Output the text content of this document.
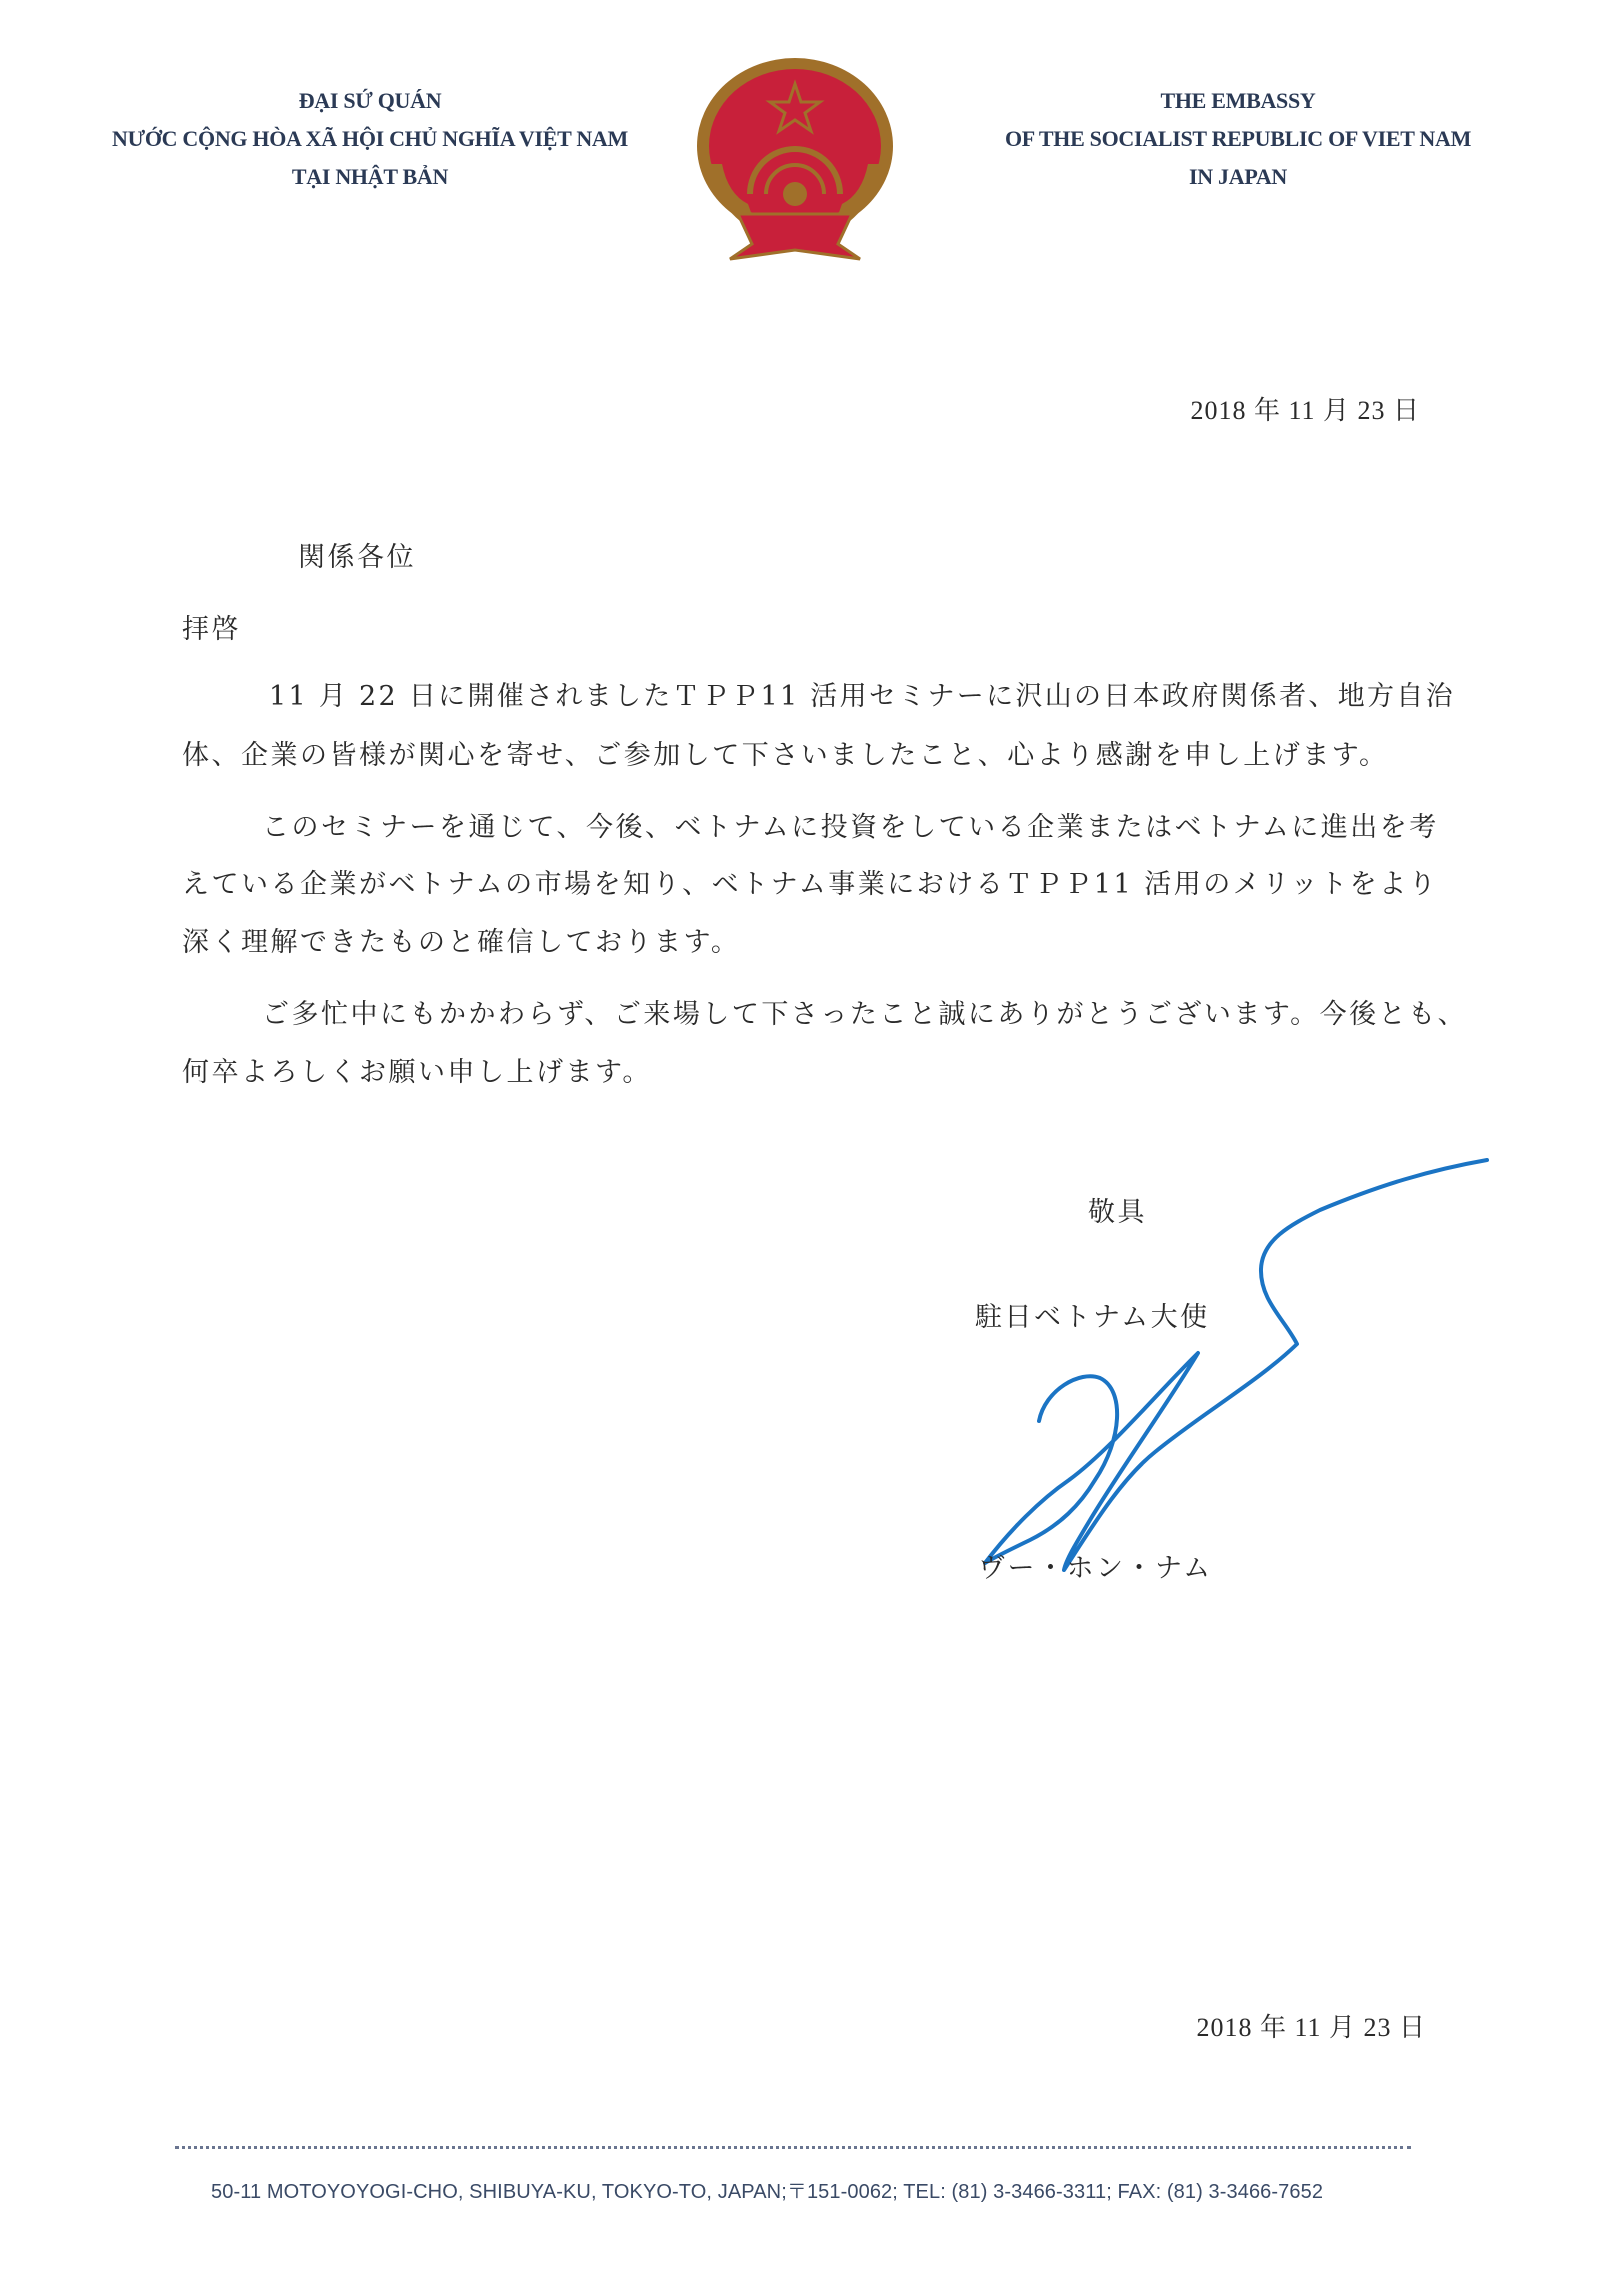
ĐẠI SỨ QUÁN
NƯỚC CỘNG HÒA XÃ HỘI CHỦ NGHĨA VIỆT NAM
TẠI NHẬT BẢN
THE EMBASSY
OF THE SOCIALIST REPUBLIC OF VIET NAM
IN JAPAN
2018 年 11 月 23 日
関係各位
拝啓
11 月 22 日に開催されましたＴＰＰ11 活用セミナーに沢山の日本政府関係者、地方自治
体、企業の皆様が関心を寄せ、ご参加して下さいましたこと、心より感謝を申し上げます。
このセミナーを通じて、今後、ベトナムに投資をしている企業またはベトナムに進出を考
えている企業がベトナムの市場を知り、ベトナム事業におけるＴＰＰ11 活用のメリットをより
深く理解できたものと確信しております。
ご多忙中にもかかわらず、ご来場して下さったこと誠にありがとうございます。今後とも、
何卒よろしくお願い申し上げます。
敬具
駐日ベトナム大使
ヴー・ホン・ナム
2018 年 11 月 23 日
50-11 MOTOYOYOGI-CHO, SHIBUYA-KU, TOKYO-TO, JAPAN;〒151-0062; TEL: (81) 3-3466-3311; FAX: (81) 3-3466-7652
